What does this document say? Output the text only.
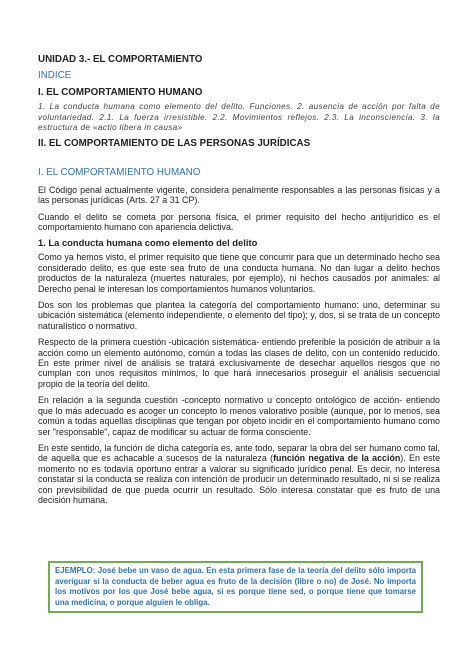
UNIDAD 3.- EL COMPORTAMIENTO

INDICE

I. EL COMPORTAMIENTO HUMANO

1. La conducta humana como elemento del delito. Funciones. 2. ausencia de acción por falta de voluntariedad. 2.1. La fuerza irresistible. 2.2. Movimientos reflejos. 2.3. La inconsciencia. 3. la estructura de «actio libera in causa»

II. EL COMPORTAMIENTO DE LAS PERSONAS JURÍDICAS

I. EL COMPORTAMIENTO HUMANO

El Código penal actualmente vigente, considera penalmente responsables a las personas físicas y a las personas jurídicas (Arts. 27 a 31 CP).

Cuando el delito se cometa por persona física, el primer requisito del hecho antijurídico es el comportamiento humano con apariencia delictiva.

1. La conducta humana como elemento del delito

Como ya hemos visto, el primer requisito que tiene que concurrir para que un determinado hecho sea considerado delito, es que este sea fruto de una conducta humana. No dan lugar a delito hechos productos de la naturaleza (muertes naturales, por ejemplo), ni hechos causados por animales: al Derecho penal le interesan los comportamientos humanos voluntarios.

Dos son los problemas que plantea la categoría del comportamiento humano: uno, determinar su ubicación sistemática (elemento independiente, o elemento del tipo); y, dos, si se trata de un concepto naturalístico o normativo.

Respecto de la primera cuestión -ubicación sistemática- entiendo preferible la posición de atribuir a la acción como un elemento autónomo, común a todas las clases de delito, con un contenido reducido. En este primer nivel de análisis se tratará exclusivamente de desechar aquellos riesgos que no cumplan con unos requisitos mínimos, lo que hará innecesarios proseguir el análisis secuencial propio de la teoría del delito.

En relación a la segunda cuestión -concepto normativo u concepto ontológico de acción- entiendo que lo más adecuado es acoger un concepto lo menos valorativo posible (aunque, por lo menos, sea común a todas aquellas disciplinas que tengan por objeto incidir en el comportamiento humano como ser "responsable", capaz de modificar su actuar de forma consciente.

En este sentido, la función de dicha categoría es, ante todo, separar la obra del ser humano como tal, de aquella que es achacable a sucesos de la naturaleza (función negativa de la acción). En este momento no es todavía oportuno entrar a valorar su significado jurídico penal. Es decir, no interesa constatar si la conducta se realiza con intención de producir un determinado resultado, ni si se realiza con previsibilidad de que pueda ocurrir un resultado. Sólo interesa constatar que es fruto de una decisión humana.

EJEMPLO: José bebe un vaso de agua. En esta primera fase de la teoría del delito sólo importa averiguar si la conducta de beber agua es fruto de la decisión (libre o no) de José. No importa los motivos por los que José bebe agua, si es porque tiene sed, o porque tiene que tomarse una medicina, o porque alguien le obliga.
